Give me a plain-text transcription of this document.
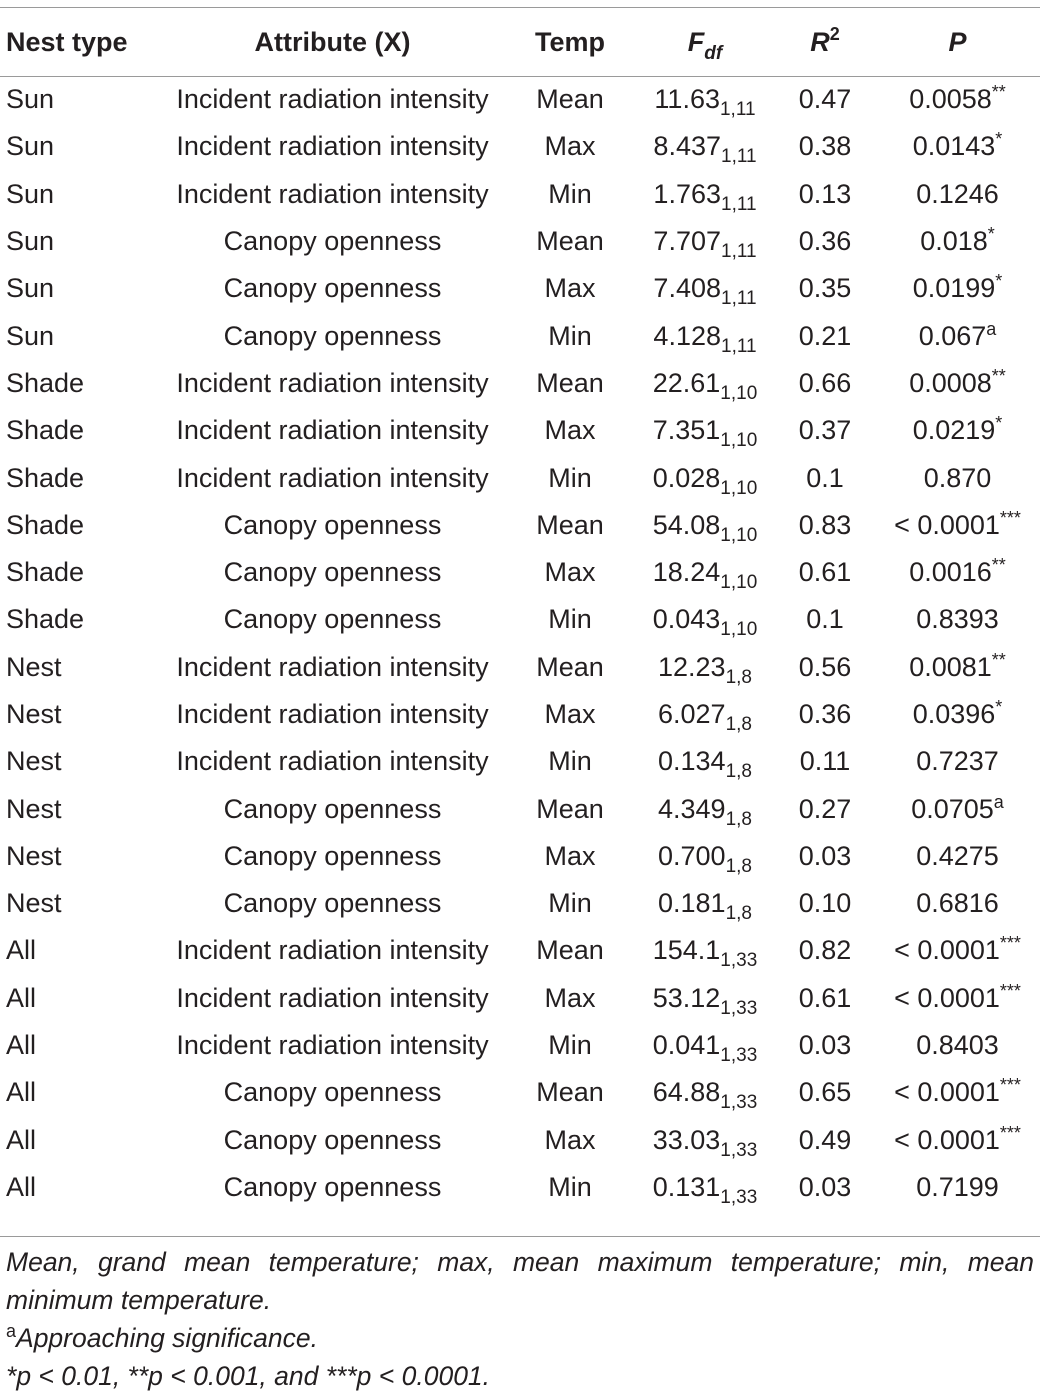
Nest type	Attribute (X)	Temp	$F_{df}$	$R^2$	P
Sun	Incident radiation intensity	Mean	$11.63_{1,11}$	0.47	0.0058**
Sun	Incident radiation intensity	Max	$8.437_{1,11}$	0.38	0.0143*
Sun	Incident radiation intensity	Min	$1.763_{1,11}$	0.13	0.1246
Sun	Canopy openness	Mean	$7.707_{1,11}$	0.36	0.018*
Sun	Canopy openness	Max	$7.408_{1,11}$	0.35	0.0199*
Sun	Canopy openness	Min	$4.128_{1,11}$	0.21	0.067$^a$
Shade	Incident radiation intensity	Mean	$22.61_{1,10}$	0.66	0.0008**
Shade	Incident radiation intensity	Max	$7.351_{1,10}$	0.37	0.0219*
Shade	Incident radiation intensity	Min	$0.028_{1,10}$	0.1	0.870
Shade	Canopy openness	Mean	$54.08_{1,10}$	0.83	< 0.0001***
Shade	Canopy openness	Max	$18.24_{1,10}$	0.61	0.0016**
Shade	Canopy openness	Min	$0.043_{1,10}$	0.1	0.8393
Nest	Incident radiation intensity	Mean	$12.23_{1,8}$	0.56	0.0081**
Nest	Incident radiation intensity	Max	$6.027_{1,8}$	0.36	0.0396*
Nest	Incident radiation intensity	Min	$0.134_{1,8}$	0.11	0.7237
Nest	Canopy openness	Mean	$4.349_{1,8}$	0.27	0.0705$^a$
Nest	Canopy openness	Max	$0.700_{1,8}$	0.03	0.4275
Nest	Canopy openness	Min	$0.181_{1,8}$	0.10	0.6816
All	Incident radiation intensity	Mean	$154.1_{1,33}$	0.82	< 0.0001***
All	Incident radiation intensity	Max	$53.12_{1,33}$	0.61	< 0.0001***
All	Incident radiation intensity	Min	$0.041_{1,33}$	0.03	0.8403
All	Canopy openness	Mean	$64.88_{1,33}$	0.65	< 0.0001***
All	Canopy openness	Max	$33.03_{1,33}$	0.49	< 0.0001***
All	Canopy openness	Min	$0.131_{1,33}$	0.03	0.7199

Mean, grand mean temperature; max, mean maximum temperature; min, mean minimum temperature.

$^a$Approaching significance.

*p < 0.01, **p < 0.001, and ***p < 0.0001.
